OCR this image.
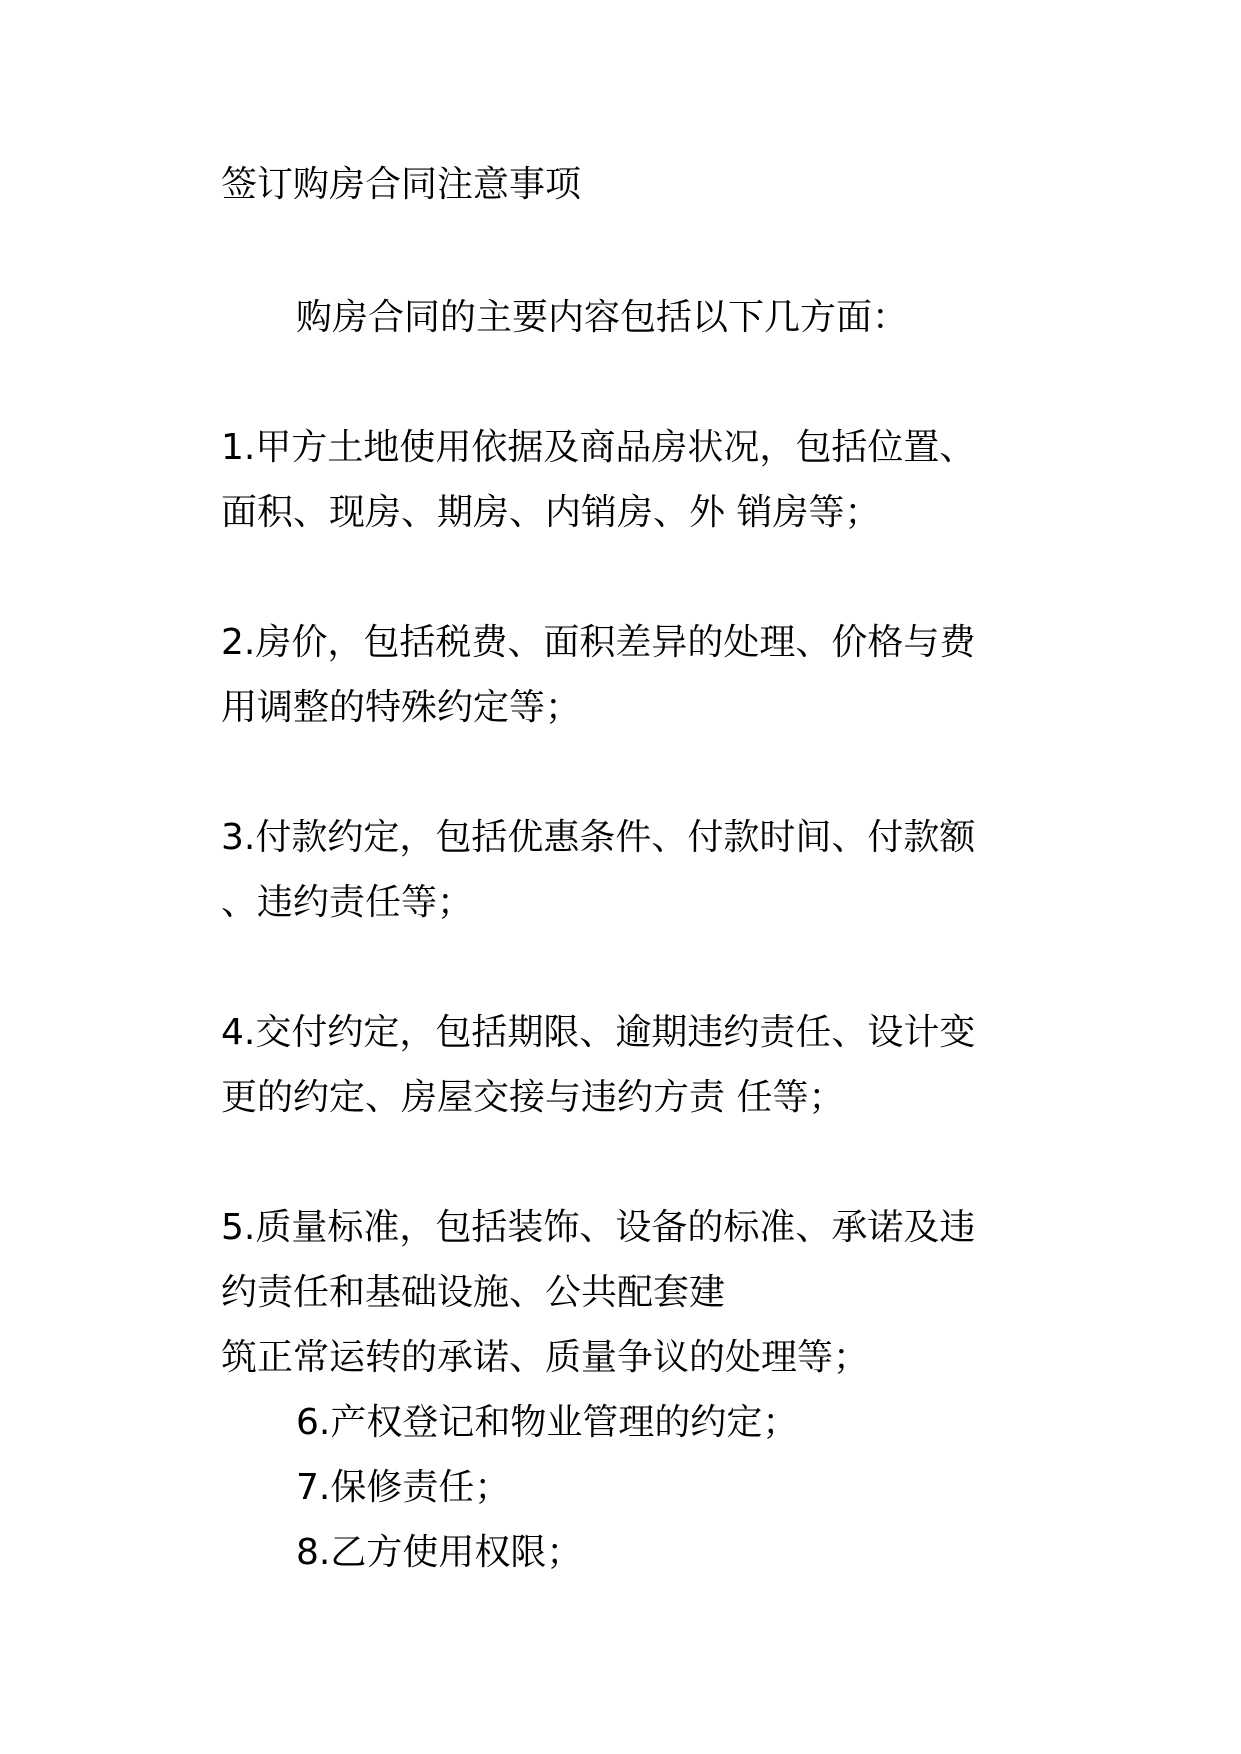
签订购房合同注意事项

购房合同的主要内容包括以下几方面：

1.甲方土地使用依据及商品房状况，包括位置、

面积、现房、期房、内销房、外 销房等；

2.房价，包括税费、面积差异的处理、价格与费

用调整的特殊约定等；

3.付款约定，包括优惠条件、付款时间、付款额

、违约责任等；

4.交付约定，包括期限、逾期违约责任、设计变

更的约定、房屋交接与违约方责 任等；

5.质量标准，包括装饰、设备的标准、承诺及违

约责任和基础设施、公共配套建

筑正常运转的承诺、质量争议的处理等；

6.产权登记和物业管理的约定；

7.保修责任；

8.乙方使用权限；
